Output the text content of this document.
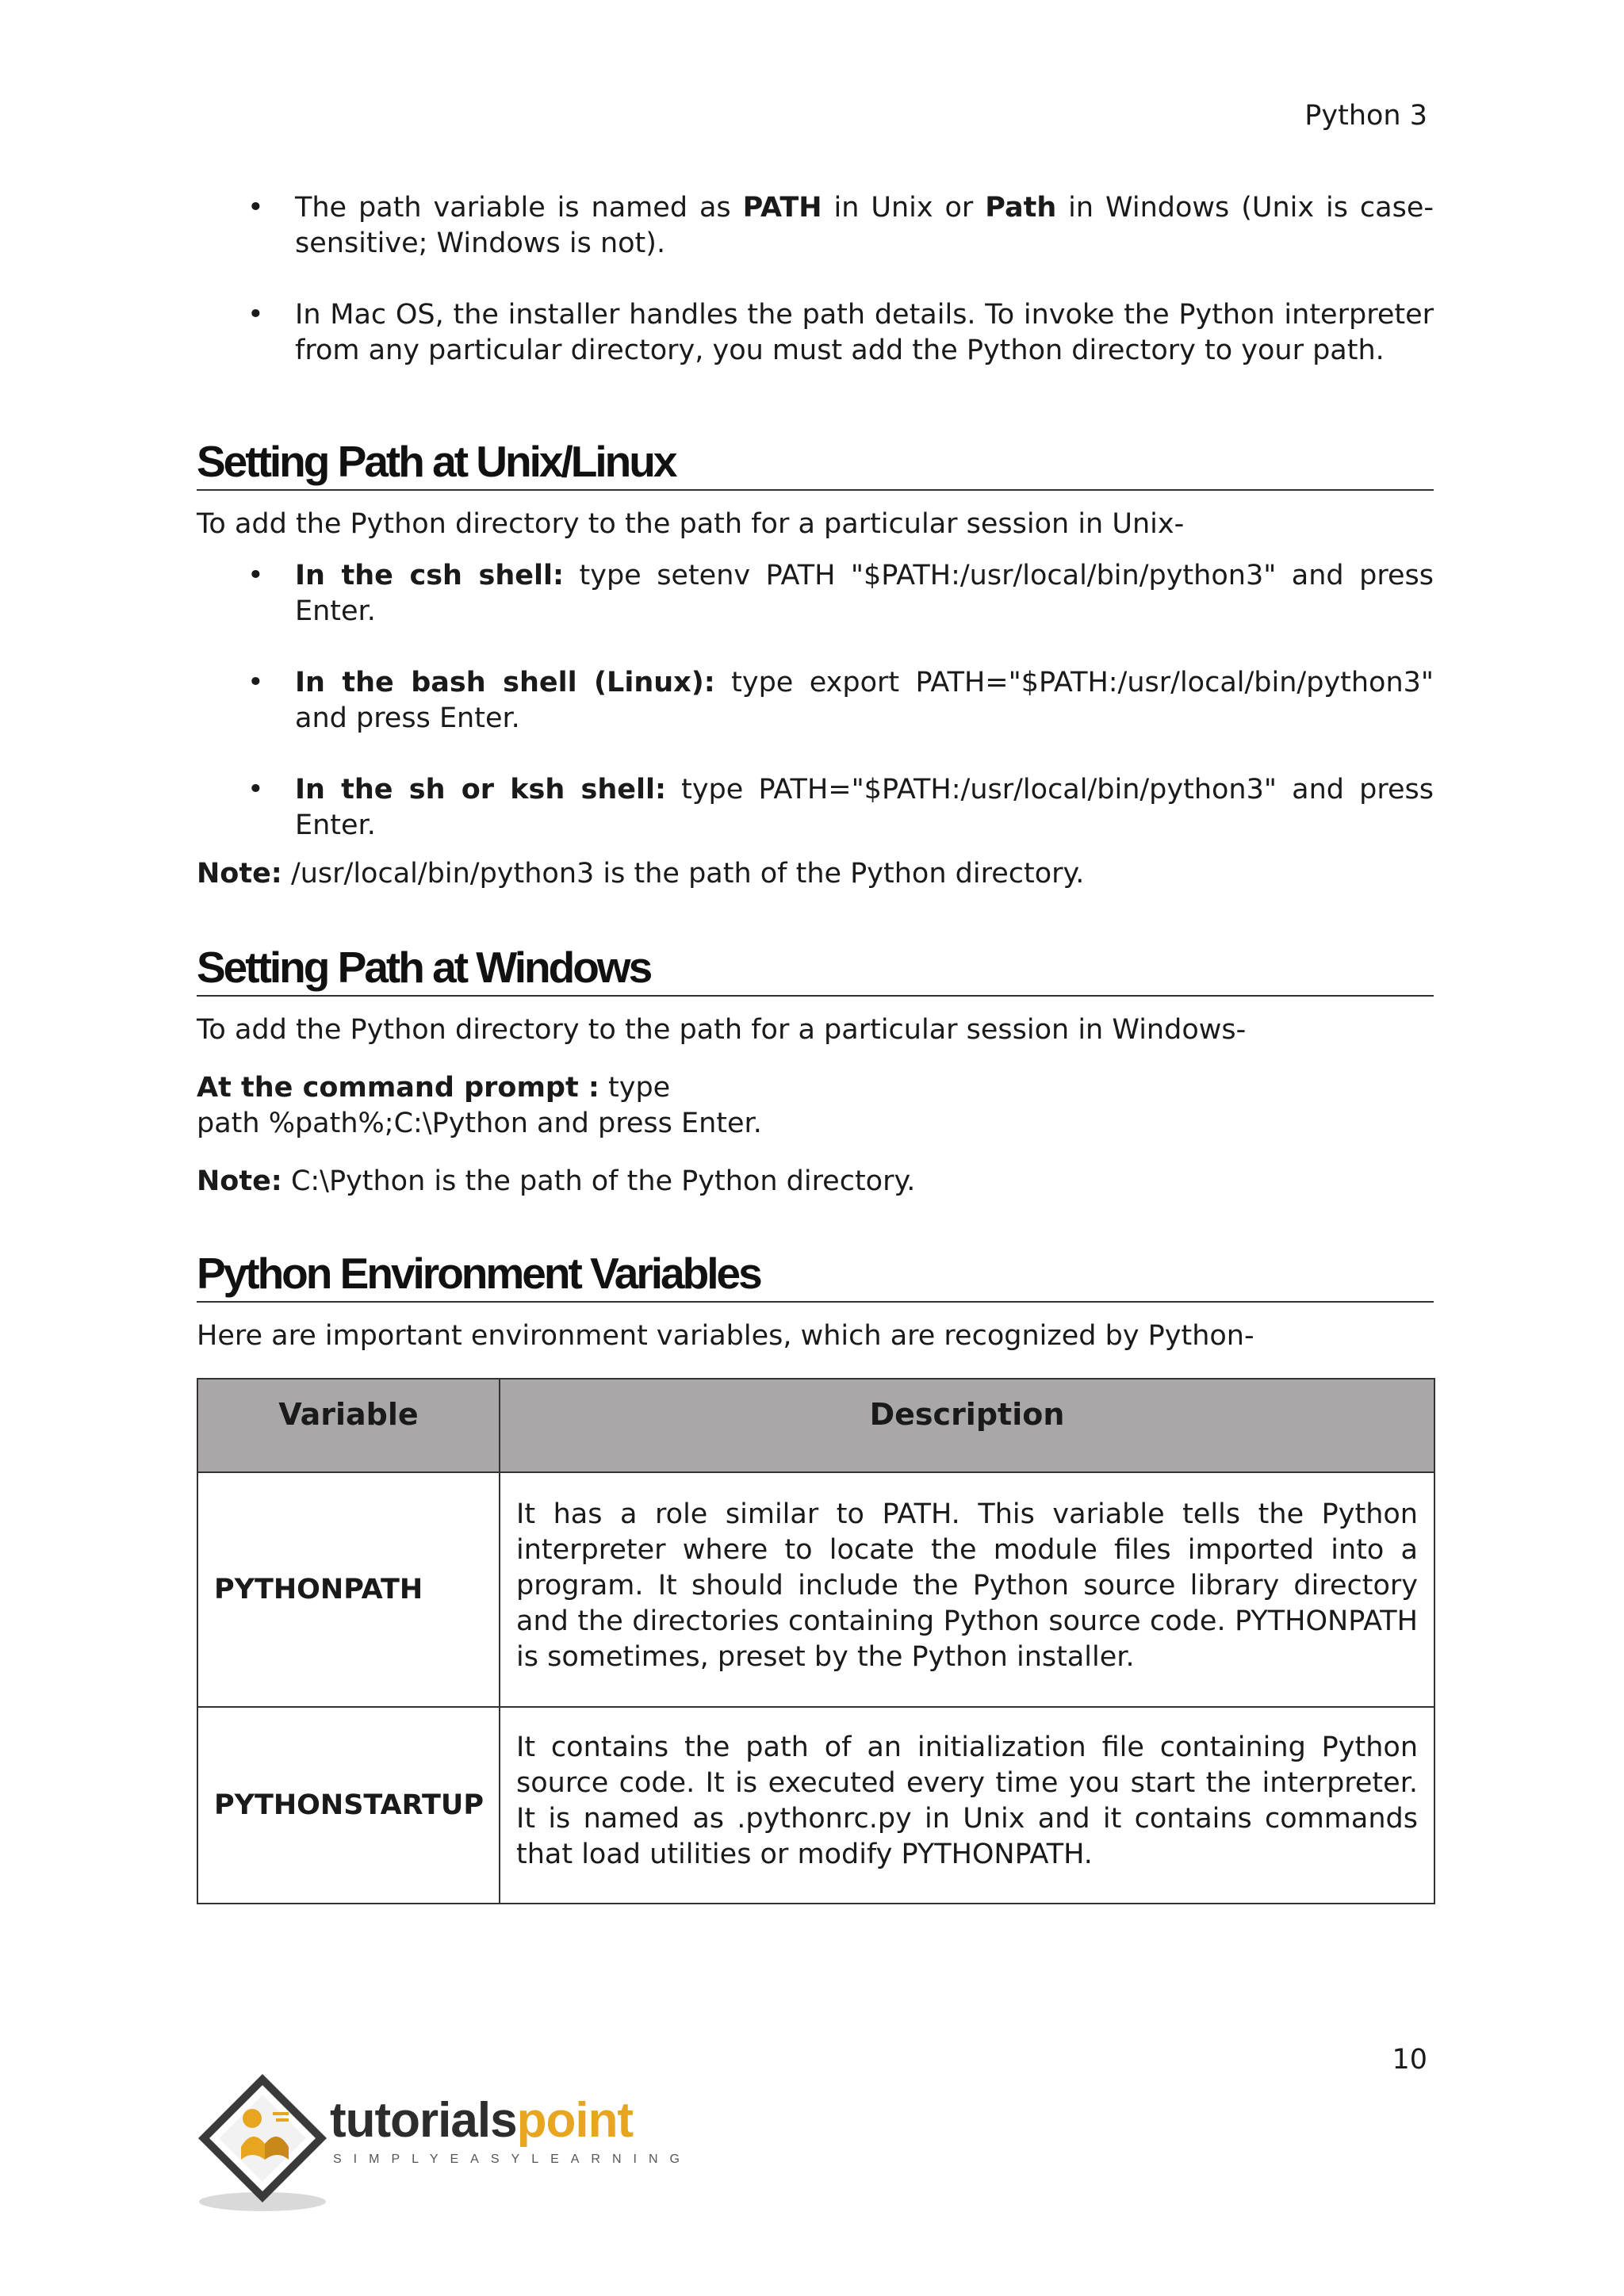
Python 3
• The path variable is named as PATH in Unix or Path in Windows (Unix is case-sensitive; Windows is not).
• In Mac OS, the installer handles the path details. To invoke the Python interpreter from any particular directory, you must add the Python directory to your path.
Setting Path at Unix/Linux

To add the Python directory to the path for a particular session in Unix-

• In the csh shell: type setenv PATH "$PATH:/usr/local/bin/python3" and press Enter.
• In the bash shell (Linux): type export PATH="$PATH:/usr/local/bin/python3" and press Enter.
• In the sh or ksh shell: type PATH="$PATH:/usr/local/bin/python3" and press Enter.

Note: /usr/local/bin/python3 is the path of the Python directory.

Setting Path at Windows

To add the Python directory to the path for a particular session in Windows-

At the command prompt : type
path %path%;C:\Python and press Enter.

Note: C:\Python is the path of the Python directory.

Python Environment Variables

Here are important environment variables, which are recognized by Python-

Variable	Description
PYTHONPATH	It has a role similar to PATH. This variable tells the Python interpreter where to locate the module files imported into a program. It should include the Python source library directory and the directories containing Python source code. PYTHONPATH is sometimes, preset by the Python installer.
PYTHONSTARTUP	It contains the path of an initialization file containing Python source code. It is executed every time you start the interpreter. It is named as .pythonrc.py in Unix and it contains commands that load utilities or modify PYTHONPATH.
10
tutorialspoint
SIMPLYEASYLEARNING
